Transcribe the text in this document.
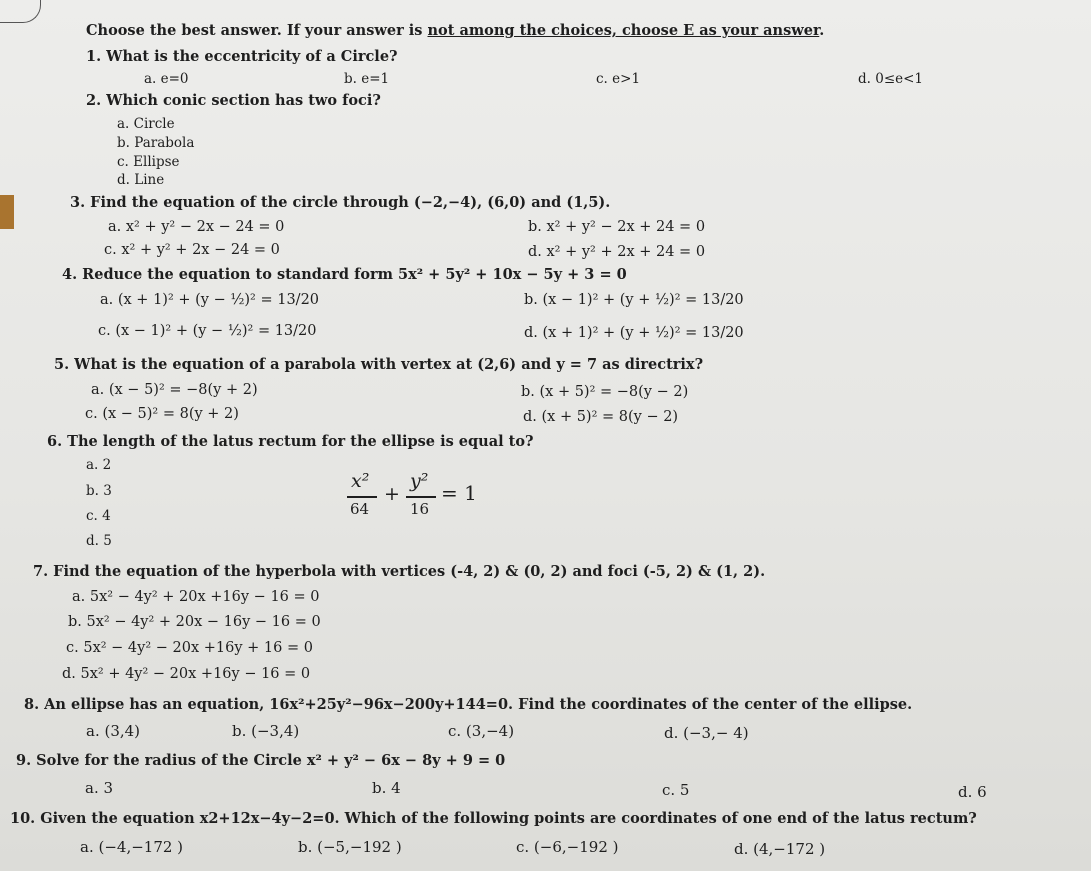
Choose the best answer. If your answer is not among the choices, choose E as your answer.
1. What is the eccentricity of a Circle?
a. e=0	b. e=1	c. e>1	d. 0≤e<1
2. Which conic section has two foci?
a. Circle
b. Parabola
c. Ellipse
d. Line
3. Find the equation of the circle through (−2,−4), (6,0) and (1,5).
a. x² + y² − 2x − 24 = 0	b. x² + y² − 2x + 24 = 0
c. x² + y² + 2x − 24 = 0	d. x² + y² + 2x + 24 = 0
4. Reduce the equation to standard form 5x² + 5y² + 10x − 5y + 3 = 0
a. (x + 1)² + (y − ½)² = 13/20	b. (x − 1)² + (y + ½)² = 13/20
c. (x − 1)² + (y − ½)² = 13/20	d. (x + 1)² + (y + ½)² = 13/20
5. What is the equation of a parabola with vertex at (2,6) and y = 7 as directrix?
a. (x − 5)² = −8(y + 2)	b. (x + 5)² = −8(y − 2)
c. (x − 5)² = 8(y + 2)	d. (x + 5)² = 8(y − 2)
6. The length of the latus rectum for the ellipse is equal to?
a. 2
b. 3
c. 4
d. 5
x²
64
+
y²
16
= 1
7. Find the equation of the hyperbola with vertices (-4, 2) & (0, 2) and foci (-5, 2) & (1, 2).
a. 5x² − 4y² + 20x +16y − 16 = 0
b. 5x² − 4y² + 20x − 16y − 16 = 0
c. 5x² − 4y² − 20x +16y + 16 = 0
d. 5x² + 4y² − 20x +16y − 16 = 0
8. An ellipse has an equation, 16x²+25y²−96x−200y+144=0. Find the coordinates of the center of the ellipse.
a. (3,4)	b. (−3,4)	c. (3,−4)	d. (−3,− 4)
9. Solve for the radius of the Circle x² + y² − 6x − 8y + 9 = 0
a. 3	b. 4	c. 5	d. 6
10. Given the equation x2+12x−4y−2=0. Which of the following points are coordinates of one end of the latus rectum?
a. (−4,−172 )	b. (−5,−192 )	c. (−6,−192 )	d. (4,−172 )
